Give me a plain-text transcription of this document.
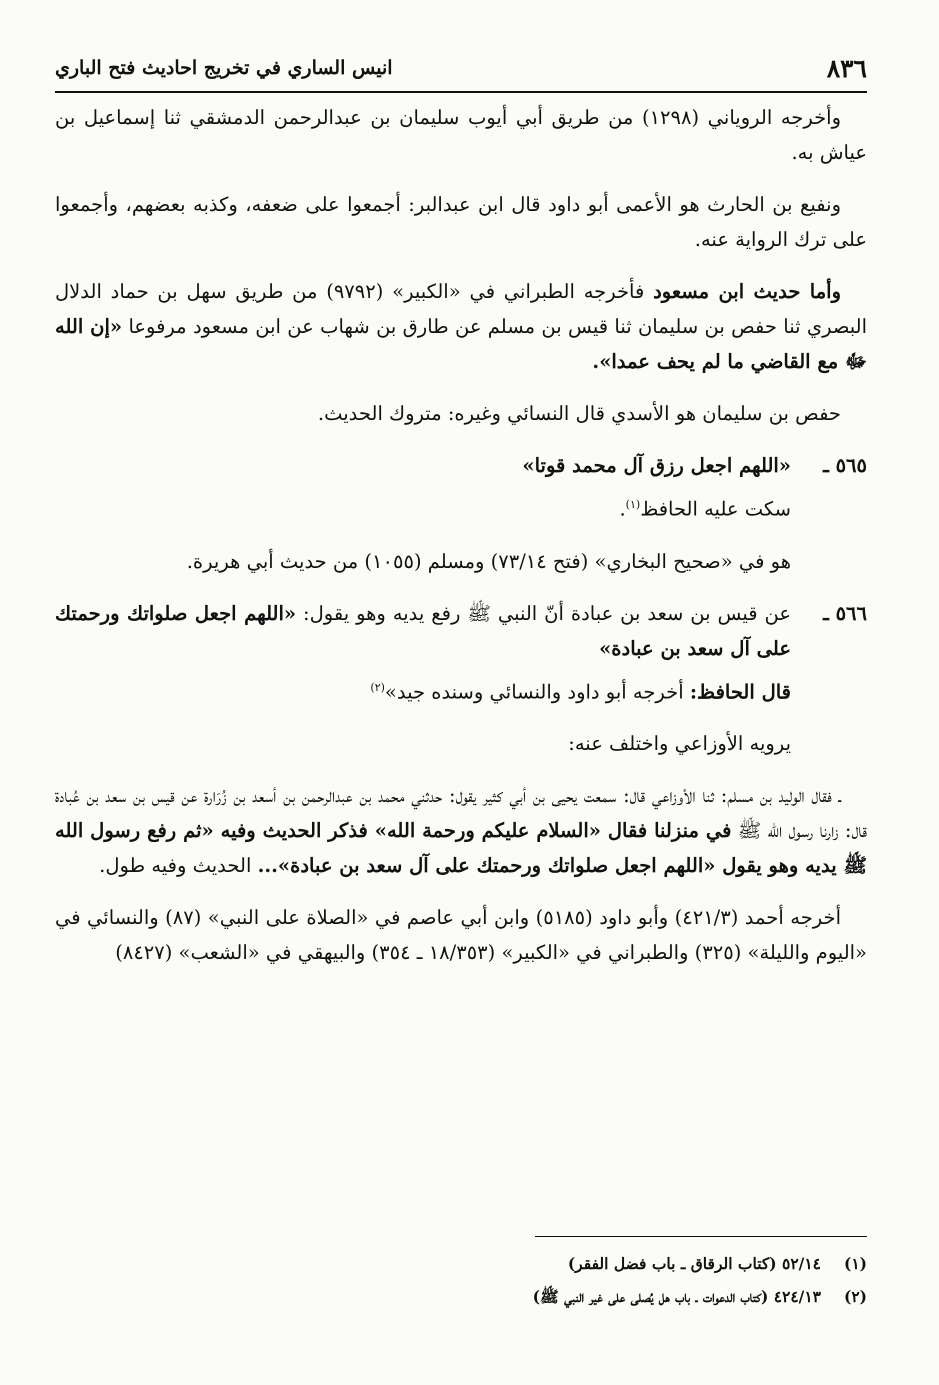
٨٣٦
انيس الساري في تخريج احاديث فتح الباري

وأخرجه الروياني (١٢٩٨) من طريق أبي أيوب سليمان بن عبدالرحمن الدمشقي ثنا إسماعيل بن عياش به.

ونفيع بن الحارث هو الأعمى أبو داود قال ابن عبدالبر: أجمعوا على ضعفه، وكذبه بعضهم، وأجمعوا على ترك الرواية عنه.

وأما حديث ابن مسعود فأخرجه الطبراني في «الكبير» (٩٧٩٢) من طريق سهل بن حماد الدلال البصري ثنا حفص بن سليمان ثنا قيس بن مسلم عن طارق بن شهاب عن ابن مسعود مرفوعا «إن الله ﷻ مع القاضي ما لم يحف عمدا».

حفص بن سليمان هو الأسدي قال النسائي وغيره: متروك الحديث.

٥٦٥ ـ
«اللهم اجعل رزق آل محمد قوتا»

سكت عليه الحافظ$^{(١)}$.

هو في «صحيح البخاري» (فتح ٧٣/١٤) ومسلم (١٠٥٥) من حديث أبي هريرة.

٥٦٦ ـ
عن قيس بن سعد بن عبادة أنّ النبي ﷺ رفع يديه وهو يقول: «اللهم اجعل صلواتك ورحمتك على آل سعد بن عبادة»

قال الحافظ: أخرجه أبو داود والنسائي وسنده جيد»$^{(٢)}$

يرويه الأوزاعي واختلف عنه:

ـ فقال الوليد بن مسلم: ثنا الأوزاعي قال: سمعت يحيى بن أبي كثير يقول: حدثني محمد بن عبدالرحمن بن أسعد بن زُرَارة عن قيس بن سعد بن عُبادة قال: زارنا رسول الله ﷺ في منزلنا فقال «السلام عليكم ورحمة الله» فذكر الحديث وفيه «ثم رفع رسول الله ﷺ يديه وهو يقول «اللهم اجعل صلواتك ورحمتك على آل سعد بن عبادة»... الحديث وفيه طول.

أخرجه أحمد (٤٢١/٣) وأبو داود (٥١٨٥) وابن أبي عاصم في «الصلاة على النبي» (٨٧) والنسائي في «اليوم والليلة» (٣٢٥) والطبراني في «الكبير» (١٨/٣٥٣ ـ ٣٥٤) والبيهقي في «الشعب» (٨٤٢٧)

(١)
٥٢/١٤ (كتاب الرقاق ـ باب فضل الفقر)
(٢)
٤٢٤/١٣ (كتاب الدعوات ـ باب هل يُصلى على غير النبي ﷺ)
